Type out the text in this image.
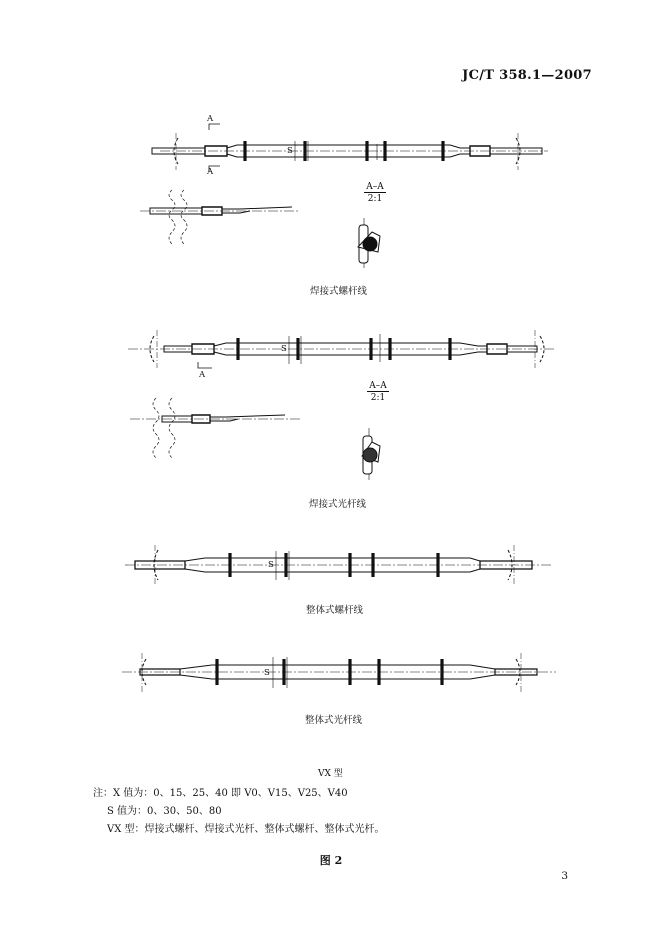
JC/T 358.1—2007
A
A
S
A–A
2:1
焊接式螺杆线
A
S
A–A
2:1
焊接式光杆线
S
整体式螺杆线
S
整体式光杆线
VX 型
注：X 值为：0、15、25、40 即 V0、V15、V25、V40
S 值为：0、30、50、80
VX 型：焊接式螺杆、焊接式光杆、整体式螺杆、整体式光杆。
图 2
3
